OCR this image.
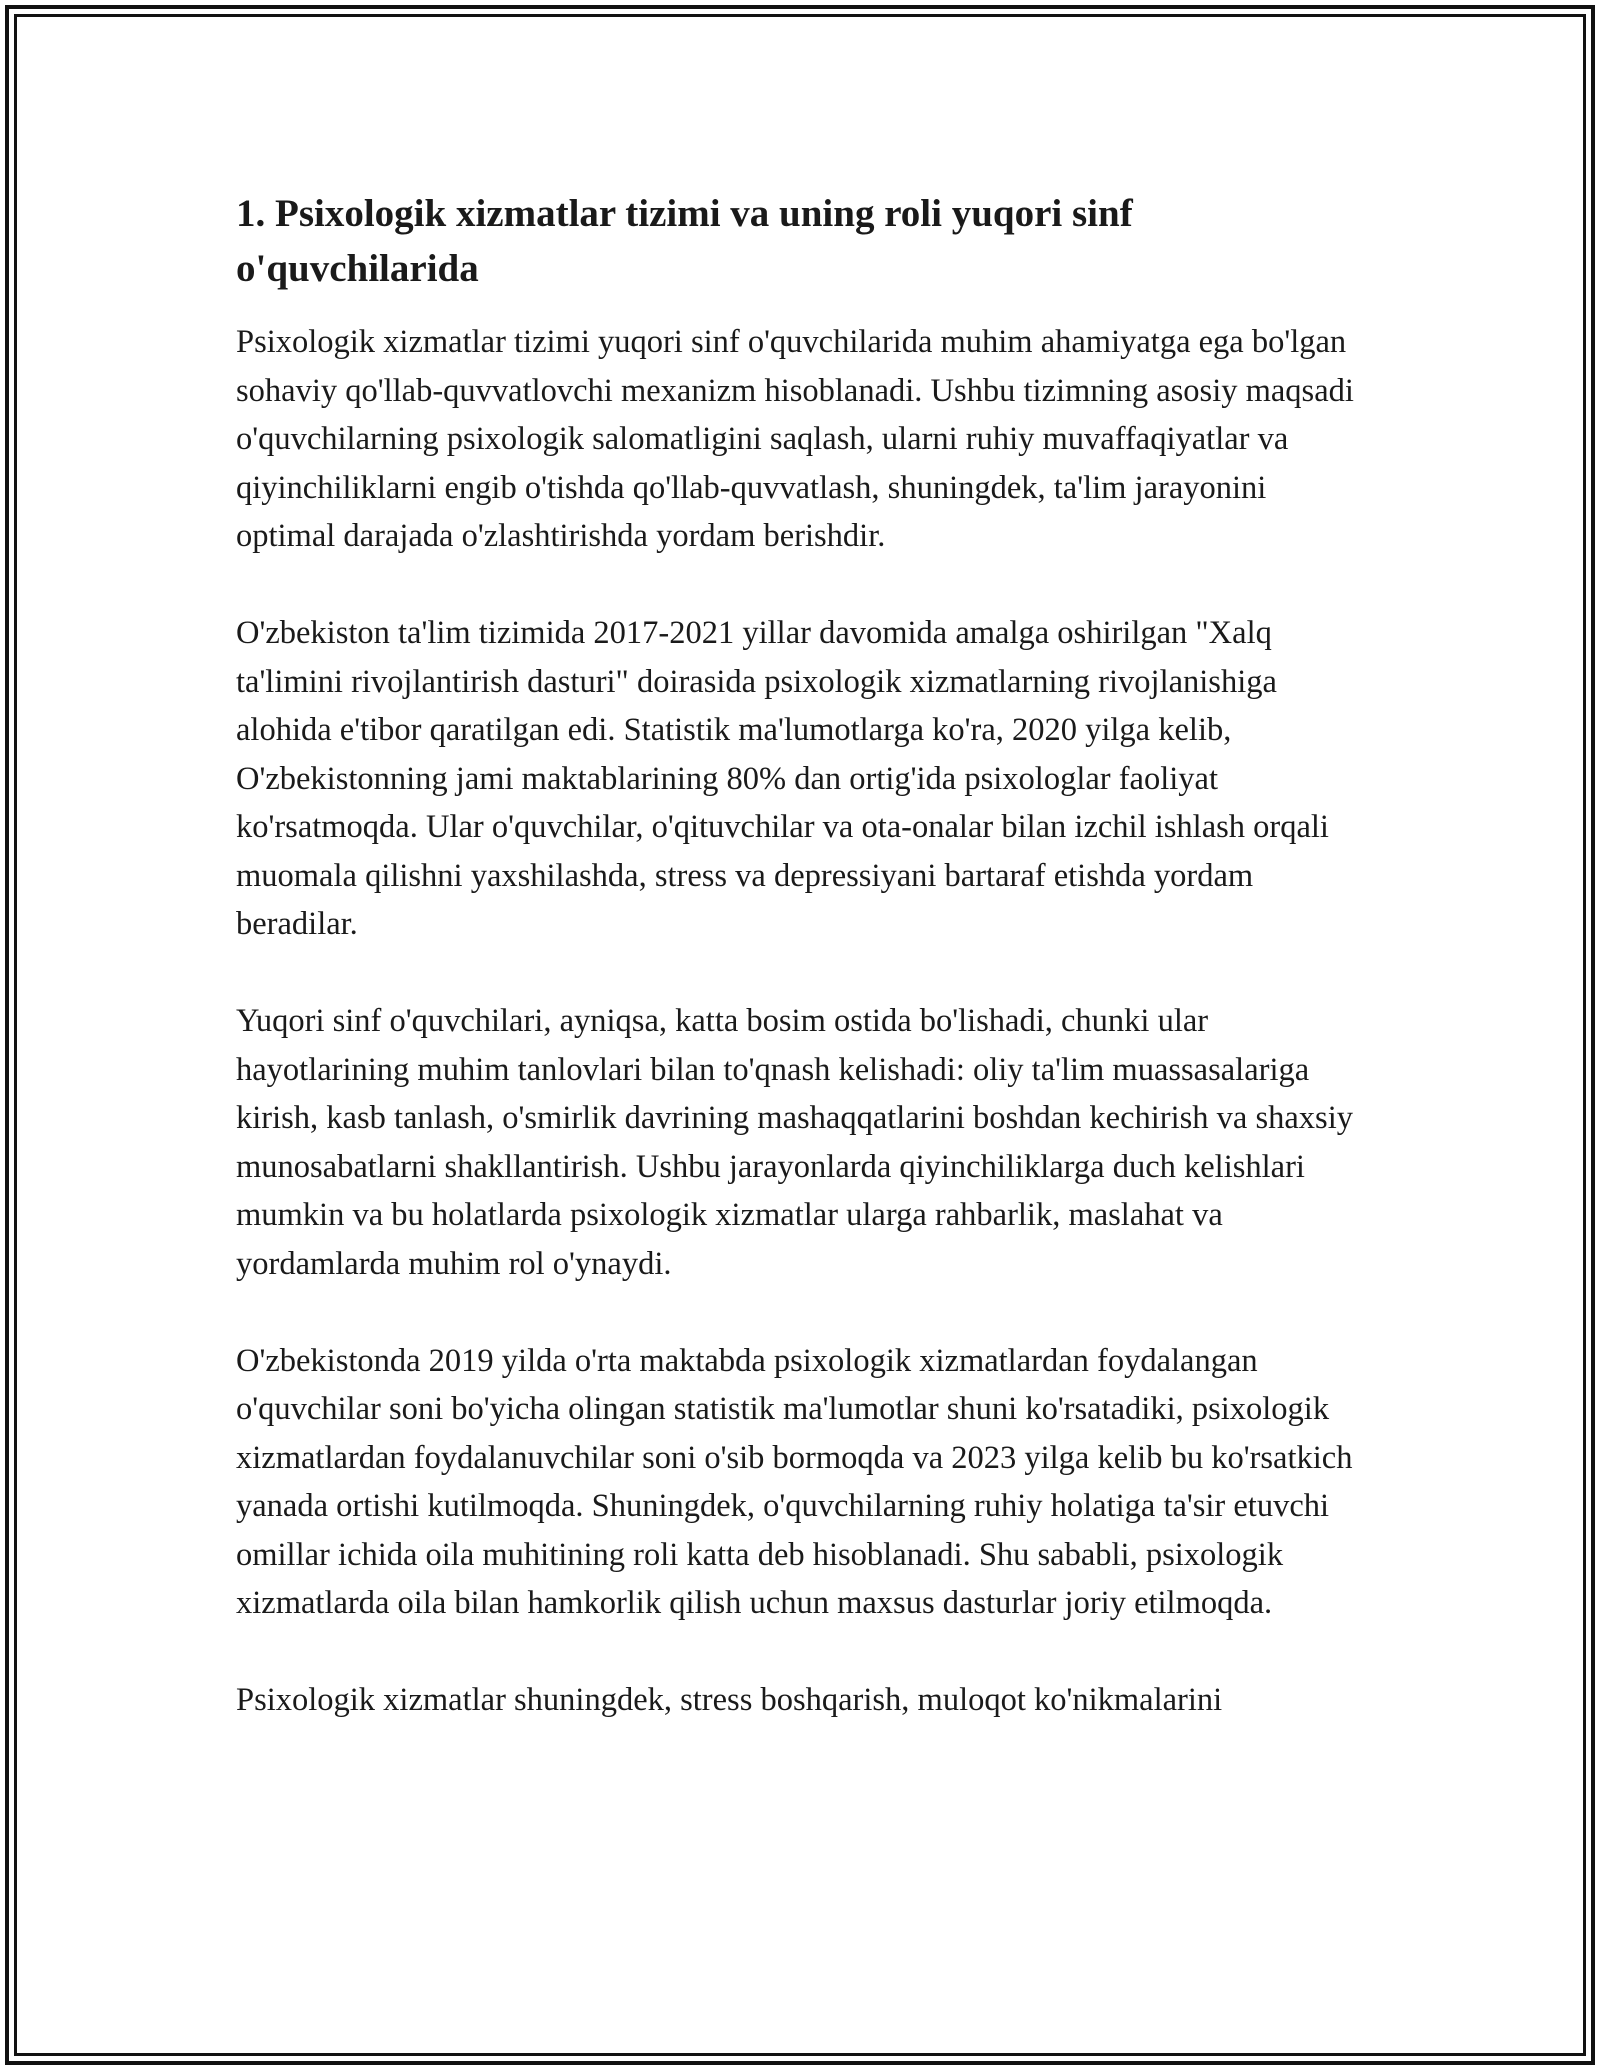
1. Psixologik xizmatlar tizimi va uning roli yuqori sinf o'quvchilarida

Psixologik xizmatlar tizimi yuqori sinf o'quvchilarida muhim ahamiyatga ega bo'lgan sohaviy qo'llab-quvvatlovchi mexanizm hisoblanadi. Ushbu tizimning asosiy maqsadi o'quvchilarning psixologik salomatligini saqlash, ularni ruhiy muvaffaqiyatlar va qiyinchiliklarni engib o'tishda qo'llab-quvvatlash, shuningdek, ta'lim jarayonini optimal darajada o'zlashtirishda yordam berishdir.

O'zbekiston ta'lim tizimida 2017-2021 yillar davomida amalga oshirilgan "Xalq ta'limini rivojlantirish dasturi" doirasida psixologik xizmatlarning rivojlanishiga alohida e'tibor qaratilgan edi. Statistik ma'lumotlarga ko'ra, 2020 yilga kelib, O'zbekistonning jami maktablarining 80% dan ortig'ida psixologlar faoliyat ko'rsatmoqda. Ular o'quvchilar, o'qituvchilar va ota-onalar bilan izchil ishlash orqali muomala qilishni yaxshilashda, stress va depressiyani bartaraf etishda yordam beradilar.

Yuqori sinf o'quvchilari, ayniqsa, katta bosim ostida bo'lishadi, chunki ular hayotlarining muhim tanlovlari bilan to'qnash kelishadi: oliy ta'lim muassasalariga kirish, kasb tanlash, o'smirlik davrining mashaqqatlarini boshdan kechirish va shaxsiy munosabatlarni shakllantirish. Ushbu jarayonlarda qiyinchiliklarga duch kelishlari mumkin va bu holatlarda psixologik xizmatlar ularga rahbarlik, maslahat va yordamlarda muhim rol o'ynaydi.

O'zbekistonda 2019 yilda o'rta maktabda psixologik xizmatlardan foydalangan o'quvchilar soni bo'yicha olingan statistik ma'lumotlar shuni ko'rsatadiki, psixologik xizmatlardan foydalanuvchilar soni o'sib bormoqda va 2023 yilga kelib bu ko'rsatkich yanada ortishi kutilmoqda. Shuningdek, o'quvchilarning ruhiy holatiga ta'sir etuvchi omillar ichida oila muhitining roli katta deb hisoblanadi. Shu sababli, psixologik xizmatlarda oila bilan hamkorlik qilish uchun maxsus dasturlar joriy etilmoqda.

Psixologik xizmatlar shuningdek, stress boshqarish, muloqot ko'nikmalarini
